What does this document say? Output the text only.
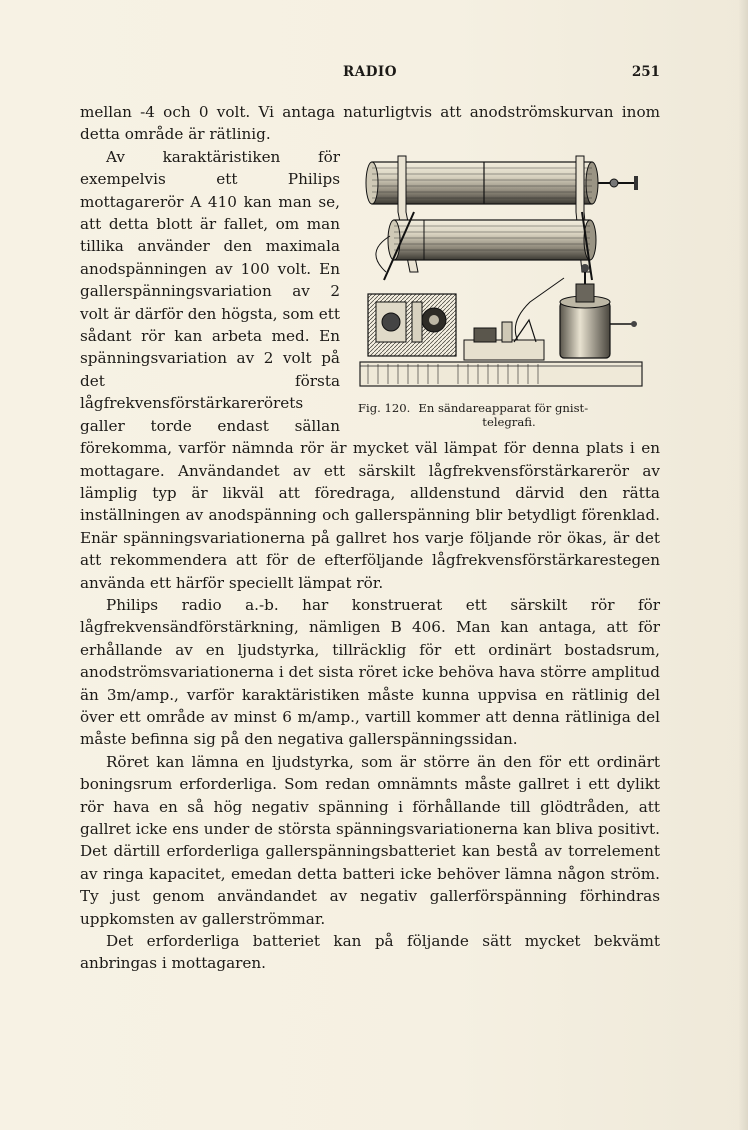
RADIO	251

mellan -4 och 0 volt. Vi antaga naturligtvis att anodströmskurvan inom detta område är rätlinig.

Fig. 120. En sändareapparat för gnist-
telegrafi.

Av karaktäristiken för exempelvis ett Philips mottagarerör A 410 kan man se, att detta blott är fallet, om man tillika använder den maximala anodspänningen av 100 volt. En gallerspänningsvariation av 2 volt är därför den högsta, som ett sådant rör kan arbeta med. En spänningsvariation av 2 volt på det första lågfrekvensförstärkarerörets galler torde endast sällan förekomma, varför nämnda rör är mycket väl lämpat för denna plats i en mottagare. Användandet av ett särskilt lågfrekvensförstärkarerör av lämplig typ är likväl att föredraga, alldenstund därvid den rätta inställningen av anodspänning och gallerspänning blir betydligt förenklad. Enär spänningsvariationerna på gallret hos varje följande rör ökas, är det att rekommendera att för de efterföljande lågfrekvensförstärkarestegen använda ett härför speciellt lämpat rör.

Philips radio a.-b. har konstruerat ett särskilt rör för lågfrekvensändförstärkning, nämligen B 406. Man kan antaga, att för erhållande av en ljudstyrka, tillräcklig för ett ordinärt bostadsrum, anodströmsvariationerna i det sista röret icke behöva hava större amplitud än 3m/amp., varför karaktäristiken måste kunna uppvisa en rätlinig del över ett område av minst 6 m/amp., vartill kommer att denna rätliniga del måste befinna sig på den negativa gallerspänningssidan.

Röret kan lämna en ljudstyrka, som är större än den för ett ordinärt boningsrum erforderliga. Som redan omnämnts måste gallret i ett dylikt rör hava en så hög negativ spänning i förhållande till glödtråden, att gallret icke ens under de största spänningsvariationerna kan bliva positivt. Det därtill erforderliga gallerspänningsbatteriet kan bestå av torrelement av ringa kapacitet, emedan detta batteri icke behöver lämna någon ström. Ty just genom användandet av negativ gallerförspänning förhindras uppkomsten av gallerströmmar.

Det erforderliga batteriet kan på följande sätt mycket bekvämt anbringas i mottagaren.
